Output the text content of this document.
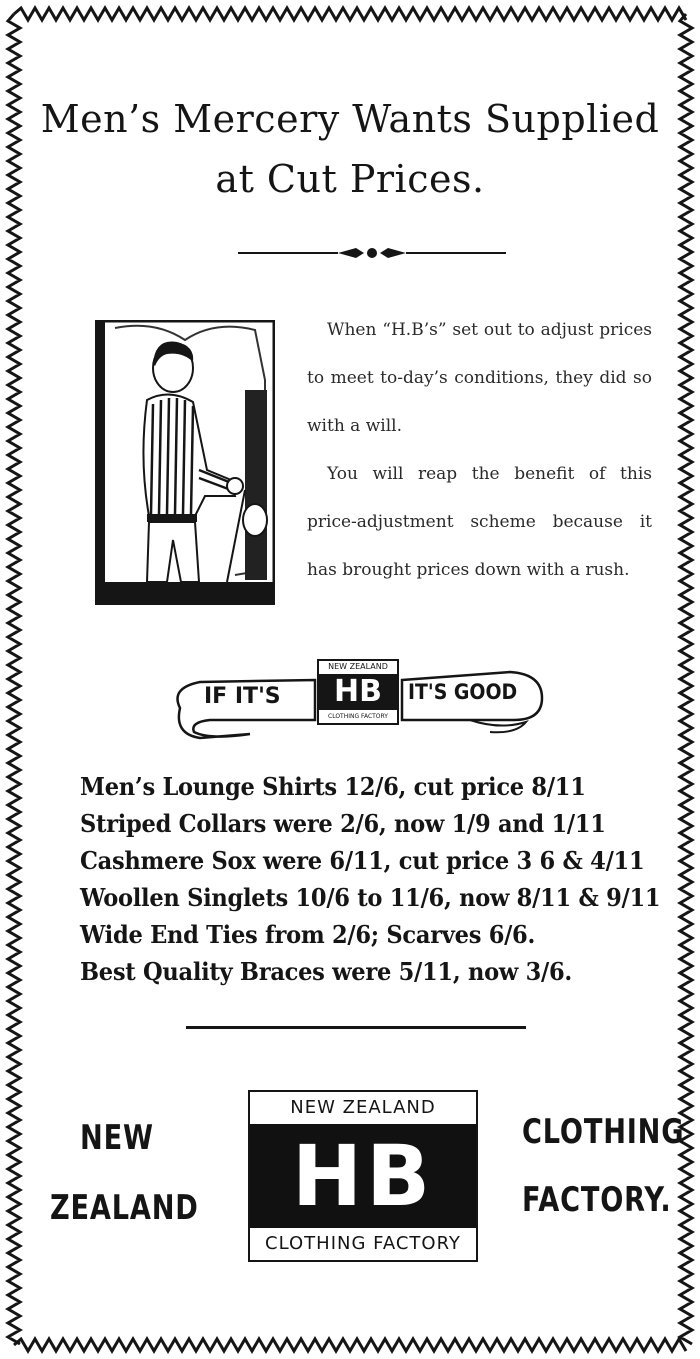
Men’s Mercery Wants Supplied
at Cut Prices.

When “H.B’s” set out to adjust prices to meet to-day’s conditions, they did so with a will.

You will reap the benefit of this price-adjustment scheme because it has brought prices down with a rush.

IF IT'S	IT'S GOOD
NEW ZEALAND
HB
CLOTHING FACTORY
Men’s Lounge Shirts 12/6, cut price 8/11
Striped Collars were 2/6, now 1/9 and 1/11
Cashmere Sox were 6/11, cut price 3 6 & 4/11
Woollen Singlets 10/6 to 11/6, now 8/11 & 9/11
Wide End Ties from 2/6; Scarves 6/6.
Best Quality Braces were 5/11, now 3/6.
NEW
ZEALAND
CLOTHING
FACTORY.
NEW ZEALAND
HB
CLOTHING FACTORY
